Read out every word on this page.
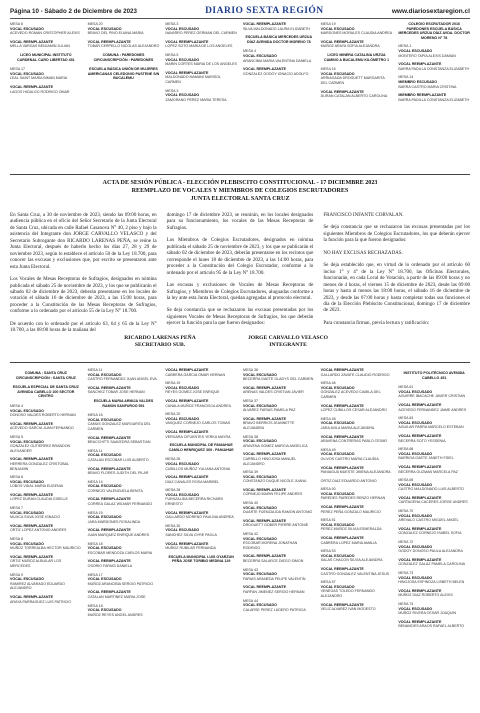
Página 10 - Sábado 2 de Diciembre de 2023	DIARIO SEXTA REGIÓN	www.diariosextaregion.cl
MESA 6
VOCAL ESCUSADO
ACEVEDO ROMAN CRISTOPHER ALEXIS
VOCAL REEMPLAZANTE
MELLA VARGAS BENJAMIN JULIAN
LICEO MUNICIPAL INSTITUTO CARDENAL CARO LIBERTAD 451
MESA 17
VOCAL ESCUSADO
LEAL SAINT MARIA BIMAN MARIA
VOCAL REEMPLAZANTE
LAGOS HIDALGO RODRIGO OMAR
MESA 20
VOCAL ESCUSADO
BRAVO DEL PINO ELIANA MARIA
VOCAL REEMPLAZANTE
TOBAR CERPELLO NICOLAS ALEJANDRO
COMUNA : PAREDONES CIRCUNSCRIPCIÓN : PAREDONES
ESCUELA BÁSICA UNIÓN DE MUJERES AMERICANAS CELEDONIO PASTENE S/N BUCALEMU
MESA 3
VOCAL ESCUSADO
NAVARRO PEREZ GERMAN DEL CARMEN
VOCAL REEMPLAZANTE
LOPEZ SOTO MARIA DE LOS ANGELES
MESA 5
VOCAL ESCUSADO
MARIN CORTES MARIA DE LOS ANGELES
VOCAL REEMPLAZANTE
MALDONADO MAMANI MARISOL CARMEN
MESA 3
VOCAL ESCUSADO
ZAMORANO PEREZ MARIA TERESA
VOCAL REEMPLAZANTE
SILVA MALDONADO LAURA ELIZABETH
ESCUELA BÁSICA MERCEDES URZUA DÍAZ AVENIDA DOCTOR MORENO 78
MESA 4
VOCAL ESCUSADO
ARANCIBIA MARIA VALENTINA DANIELA
VOCAL REEMPLAZANTE
GONZALEZ GODOY IGNACIO ADOLFO
MESA 19
VOCAL ESCUSADO
MARDONES MORALES CLAUDIA ANDREA
VOCAL REEMPLAZANTE
MUÑOZ ARAYA SOFIA ALEJANDRA
LICEO MINERA CATALINA URZÚA CAMINO A BUCALEMU KILÓMETRO 1
MESA 16
VOCAL ESCUSADO
ARRIAGADA DROGUETT MARGARITA DEL CARMEN
VOCAL REEMPLAZANTE
DURAN CATALAN ALBERTO CAROLINA
COLEGIO ESCRUTADOR 2016 PAREDONES ESCUELA BÁSICA MERCEDES URZÚA DÍAZ AVDA. DOCTOR MORENO N° 78
MESA 1
VOCAL ESCUSADO
MONTERO TAPIA ALEXIS DAMIAN
VOCAL REEMPLAZANTE
BARRA PADILLA CONSTANZA ELIZABETH
MESA 14
MIEMBRO ESCUSADO
BARRA CASTRO MARIA CRISTINA
MIEMBRO REEMPLAZANTE
BARRA PADILLA CONSTANZA ELIZABETH
ACTA DE SESIÓN PÚBLICA - ELECCIÓN PLEBISCITO CONSTITUCIONAL - 17 DICIEMBRE 2023
REEMPLAZO DE VOCALES Y MIEMBROS DE COLEGIOS ESCRUTADORES
JUNTA ELECTORAL SANTA CRUZ

En Santa Cruz, a 30 de noviembre de 2023, siendo las 09:00 horas, en audiencia pública en el oficio del Señor Secretario de la Junta Electoral de Santa Cruz, ubicada en calle Rafael Casanova N° 40, 2 piso y bajo la asistencia del Integrante don JORGE CARVALLO VELASCO y del Secretario Subrogante don RICARDO LARENAS PEÑA, se reúne la Junta Electoral, después de haberlo hecho los días 27, 28 y 29 de noviembre 2023, según lo establece el artículo 50 de la Ley 18.700, para conocer las excusas y exclusiones que, por escrito se presentaron ante esta Junta Electoral.

Los Vocales de Mesas Receptoras de Sufragios, designados en nómina publicada el sábado 25 de noviembre de 2023, y los que se publicarán el sábado 02 de diciembre de 2023, deberán presentarse en los locales de votación el sábado 16 de diciembre de 2023, a las 15:00 horas, para proceder a la Constitución de las Mesas Receptoras de Sufragios, conforme a lo ordenado por el artículo 55 de la Ley N° 18.700.

De acuerdo con lo ordenado por el artículo 63, 64 y 65 de la Ley N° 18.700, a las 08:00 horas de la mañana del

domingo 17 de diciembre 2023, se reunirán, en los locales designados para su funcionamiento, los vocales de las Mesas Receptoras de Sufragios.

Los Miembros de Colegios Escrutadores, designados en nómina publicada el sábado 25 de noviembre de 2023, y los que se publicarán el sábado 02 de diciembre de 2023, deberán presentarse en los recintos que corresponde el lunes 18 de diciembre de 2023, a las 14:00 horas, para proceder a la Constitución del Colegio Escrutador, conforme a lo ordenado por el artículo 95 de la Ley N° 18.700.

Las excusas y exclusiones de Vocales de Mesas Receptoras de Sufragios, y Miembros de Colegios Escrutadores, aluguadas conforme a la ley ante esta Junta Electoral, quedan agregadas al protocolo electoral.

Se deja constancia que se rechazaron las excusas presentadas por los siguientes Vocales de Mesas Receptoras de Sufragios, los que deberán ejercer la función para la que fueron designados:

FRANCISCO INFANTE CORVALAN.

Se deja constancia que se rechazaron las excusas presentadas por los siguientes Miembros de Colegios Escrutadores, los que deberán ejercer la función para la que fueron designados:

NO HAY EXCUSAS RECHAZADAS.

Se deja establecido que, en virtud de lo ordenado por el artículo 60 inciso 1° y 4° de la Ley N° 18.700, las Oficinas Electorales, funcionarán, en cada Local de Votación, a partir de las 09:00 horas y no menos de 4 horas, el viernes 15 de diciembre de 2023, desde las 09:00 horas y hasta al menos las 18:00 horas, el sábado 16 de diciembre de 2023, y desde las 07:00 horas y hasta completar todas sus funciones el día de la Elección Plebiscito Constitucional, domingo 17 de diciembre de 2023.

Para constancia firman, previa lectura y ratificación:

RICARDO LARENAS PEÑA
SECRETARIO SUB.
JORGE CARVALLO VELASCO
INTEGRANTE
COMUNA : SANTA CRUZ CIRCUNSCRIPCIÓN : SANTA CRUZ
ESCUELA ESPECIAL DE SANTA CRUZ AVENIDA CABELLO 100 SECTOR CENTRO
MESA 4
VOCAL ESCUSADO
DONOSO VALDES ROBERTO HERNAN
VOCAL REEMPLAZANTE
ACEVEDO GARCIA JUAN FERNANDO
MESA 5
VOCAL ESCUSADO
GONZALEZ GUTIERREZ BRANDON ALEXANDER
VOCAL REEMPLAZANTE
HERRERA GONZALEZ CRISTOBAL BENJAMIN
MESA 6
VOCAL ESCUSADO
LOBOS VIDAL MARIA EUGENIA
VOCAL REEMPLAZANTE
LOPEZ DURAN CLAUDIA GISELLE
MESA 7
VOCAL ESCUSADO
MUJICA SILVA JOSE IGNACIO
VOCAL REEMPLAZANTE
ORTIZ LOPEZ ANTONIO ANDRES
MESA 8
VOCAL ESCUSADO
MUÑOZ TORREALBA HECTOR MAURICIO
VOCAL REEMPLAZANTE
ORTIZ MUÑOZ ALBUILAR LOS MERCEDES
MESA 9
VOCAL ESCUSADO
RAMIREZ ALVARADO EDUARDO ALEJANDRO
VOCAL REEMPLAZANTE
ARAYA PARRAGUEZ LUIS PATRICIO
MESA 11
VOCAL ESCUSADO
CASTRO FERNANDEZ JUAN ANGEL EVA
VOCAL REEMPLAZANTE
SANCHEZ TOBAR JOSE HERNAN
ESCUELA MARIA ARMIJA VALDES RAMON SANFUROO 591
MESA 16
VOCAL ESCUSADO
CAMUS GONZALEZ MARGARITA DEL CARMEN
VOCAL REEMPLAZANTE
BRACCHITTI SAAVEDRA SEBASTIAN
MESA 11
VOCAL ESCUSADO
CATALAN ESCOBAR LUIS ALBERTO
VOCAL REEMPLAZANTE
BRAVO FLORES JUDITH DEL PILAR
MESA 14
VOCAL ESCUSADO
CORNEJO VALENZUELA BENITA
VOCAL REEMPLAZANTE
CORREA GALAZ WILMAR FERNANDO
MESA 15
VOCAL ESCUSADO
JARA MARDONES ROSALINDA
VOCAL REEMPLAZANTE
JUAN MARQUEZ ENRIQUE ANDRES
MESA 18
VOCAL ESCUSADO
ESCOBAR MENDOZA CARLOS MARIA
VOCAL REEMPLAZANTE
OSORIO FARIAS DANIELA
MESA 17
VOCAL ESCUSADO
MUÑOZ ARANCIBIA SERGIO PATRICIO
VOCAL REEMPLAZANTE
CATALAN MARTINEZ MARIA JOSE
MESA 18
VOCAL ESCUSADO
MUÑOZ REYES ANGEL ANDRES
VOCAL REEMPLAZANTE
CABRERA GARCIA OMAR HERNAN
MESA 19
VOCAL ESCUSADO
REYES GOMEZ JOSE ENRIQUE
VOCAL REEMPLAZANTE
CANALA MUÑOZ FRANCISCA ANDREA
MESA 20
VOCAL ESCUSADO
VASQUEZ CORNEJO CARLOS TOMAS
VOCAL REEMPLAZANTE
VERGARA CIFUENTES YERKA MAYRA
ESCUELA MUNICIPAL DE PANIAHUE CAMILO HENRIQUEZ 369 - PANIAHUE
MESA 26
VOCAL ESCUSADO
CUBILLOS MUÑOZ YULIANA ANTONIA
VOCAL REEMPLAZANTE
DIAZ CANALES ROSA MARIBEL
MESA 28
VOCAL ESCUSADO
FUENZALIDA BECERRA RICHARD ERNESTO
VOCAL REEMPLAZANTE
GALLARDO MORENO PAULINA ANDREA
MESA 30
VOCAL ESCUSADO
SANCHEZ SILVA GYRE PAOLA
VOCAL REEMPLAZANTE
MUÑOZ RUBILAR FERNANDA
ESCUELA MUNICIPAL LUIS OYARZUN PEÑA JOSE TORIBIO MEDINA 129
MESA 36
VOCAL ESCUSADO
BECERRA GAETE GLADYS DEL CARMEN
VOCAL REEMPLAZANTE
ARENAS VALDES CRISTIAN JAVIER
MESA 37
VOCAL ESCUSADO
ALVAREZ FARIAS PAMELA PAZ
VOCAL REEMPLAZANTE
BRAVO BERRIOS JEANNETTE ALEJANDRA
MESA 38
VOCAL ESCUSADO
ARAVENA GOMEZ MARCIA ANGELICA
VOCAL REEMPLAZANTE
CARRILLO HINOJOSA MANUEL ALEJANDRO
MESA 39
VOCAL ESCUSADO
CONSTANZO DUQUE NICOLE JUANA
VOCAL REEMPLAZANTE
CORNEJO MARIN FELIPE ANDRES
MESA 40
VOCAL ESCUSADO
DUARTE FUENZALIDA RAMON ANTONIO
VOCAL REEMPLAZANTE
DROGUETT GOBER PIERRE ANTONIE
MESA 42
VOCAL ESCUSADO
ESCOBAR MORENA JONATHAN RODRIGO
VOCAL REEMPLAZANTE
BECERRA SALARCE DIEGO SIMON
MESA 43
VOCAL ESCUSADO
FARIAS ARANEDA FELIPE VALENTIN
VOCAL REEMPLAZANTE
FARFAN JIMENEZ SERGIO HERNAN
MESA 44
VOCAL ESCUSADO
CALARSE PEREZ LUDERO PATRICIA
VOCAL REEMPLAZANTE
GALLARDO ZAVATE CLAUDIO RODRIGO
MESA 46
VOCAL ESCUSADO
GONZALEZ ACEVEDO CAMILA DEL CARMEN
VOCAL REEMPLAZANTE
LOPEZ CUBILLOS CESAR ALEJANDRO
MESA 48
VOCAL ESCUSADO
JARA AVILA MARIA ALEJANDRA
VOCAL REEMPLAZANTE
ARAVENA CONTRERAS PABLO CESAR
MESA 49
VOCAL ESCUSADO
OLIVOS CASTRO MARIA CLAUDIA
VOCAL REEMPLAZANTE
PANIAGUA MUESTE JIMENA ALEJANDRA
ORTIZ DIAZ EDUARDO ANTONIO
MESA 50
VOCAL ESCUSADO
PAREDES PAREDES RENZO HERNAN
VOCAL REEMPLAZANTE
PEREZ PEÑA GONZALO MAURICIO
MESA 51
VOCAL ESCUSADO
PEREZ MUÑOZ SILVIA ESMERALDA
VOCAL REEMPLAZANTE
CABRERA LOPEZ MARIA AMALIA
MESA 53
VOCAL ESCUSADO
SALAS CHACON SILVIA ALEJANDRA
VOCAL REEMPLAZANTE
CASTRO GONZALEZ VALENTINA JESUS
MESA 57
VOCAL ESCUSADO
VENEGAS TOLEDO FERNANDO ALEJANDRO
VOCAL REEMPLAZANTE
VELIZ ALVAREZ IVAN MODESTO
INSTITUTO POLITÉCNICO AVENIDA CABELLO 451
MESA 61
VOCAL ESCUSADO
AGUIRRE IBACACHE JAVIER CRISTIAN
VOCAL REEMPLAZANTE
ACEVEDO FERNANDEZ JAIME ANDRES
MESA 63
VOCAL ESCUSADO
AGUILAR PARRA MARCELO ESTEBAN
VOCAL REEMPLAZANTE
BECERRA SOTO YESSENIA
MESA 68
VOCAL ESCUSADO
BARRIGA GAETE JANETH FIDEL
VOCAL REEMPLAZANTE
BECERRA GUZMAN MARCELA PAZ
MESA 69
VOCAL ESCUSADO
CASTRO MALDONADO LUIS ALBERTO
VOCAL REEMPLAZANTE
CARTAGENA CACERES JORGE ANDRES
MESA 70
VOCAL ESCUSADO
AREVALO CASTRO MIGUEL ANGEL
VOCAL REEMPLAZANTE
GONZALEZ CORNEJO ISABEL SOFIA
MESA 72
VOCAL ESCUSADO
GODOY DONOSO PAULA ALEJANDRA
VOCAL REEMPLAZANTE
GONZALEZ GALAZ PAMELA CAROLINA
MESA 73
VOCAL ESCUSADO
HINOJOSA ESPINOZA LISBETH BELEN
VOCAL REEMPLAZANTE
MUÑOZ DIAZ ROBERTO ALEXIS
MESA 74
VOCAL ESCUSADO
MUÑOZ RIVERA CESAR JOAQUIN
VOCAL REEMPLAZANTE
BENAVIDES ARAOS RAFAEL ALBERTO
